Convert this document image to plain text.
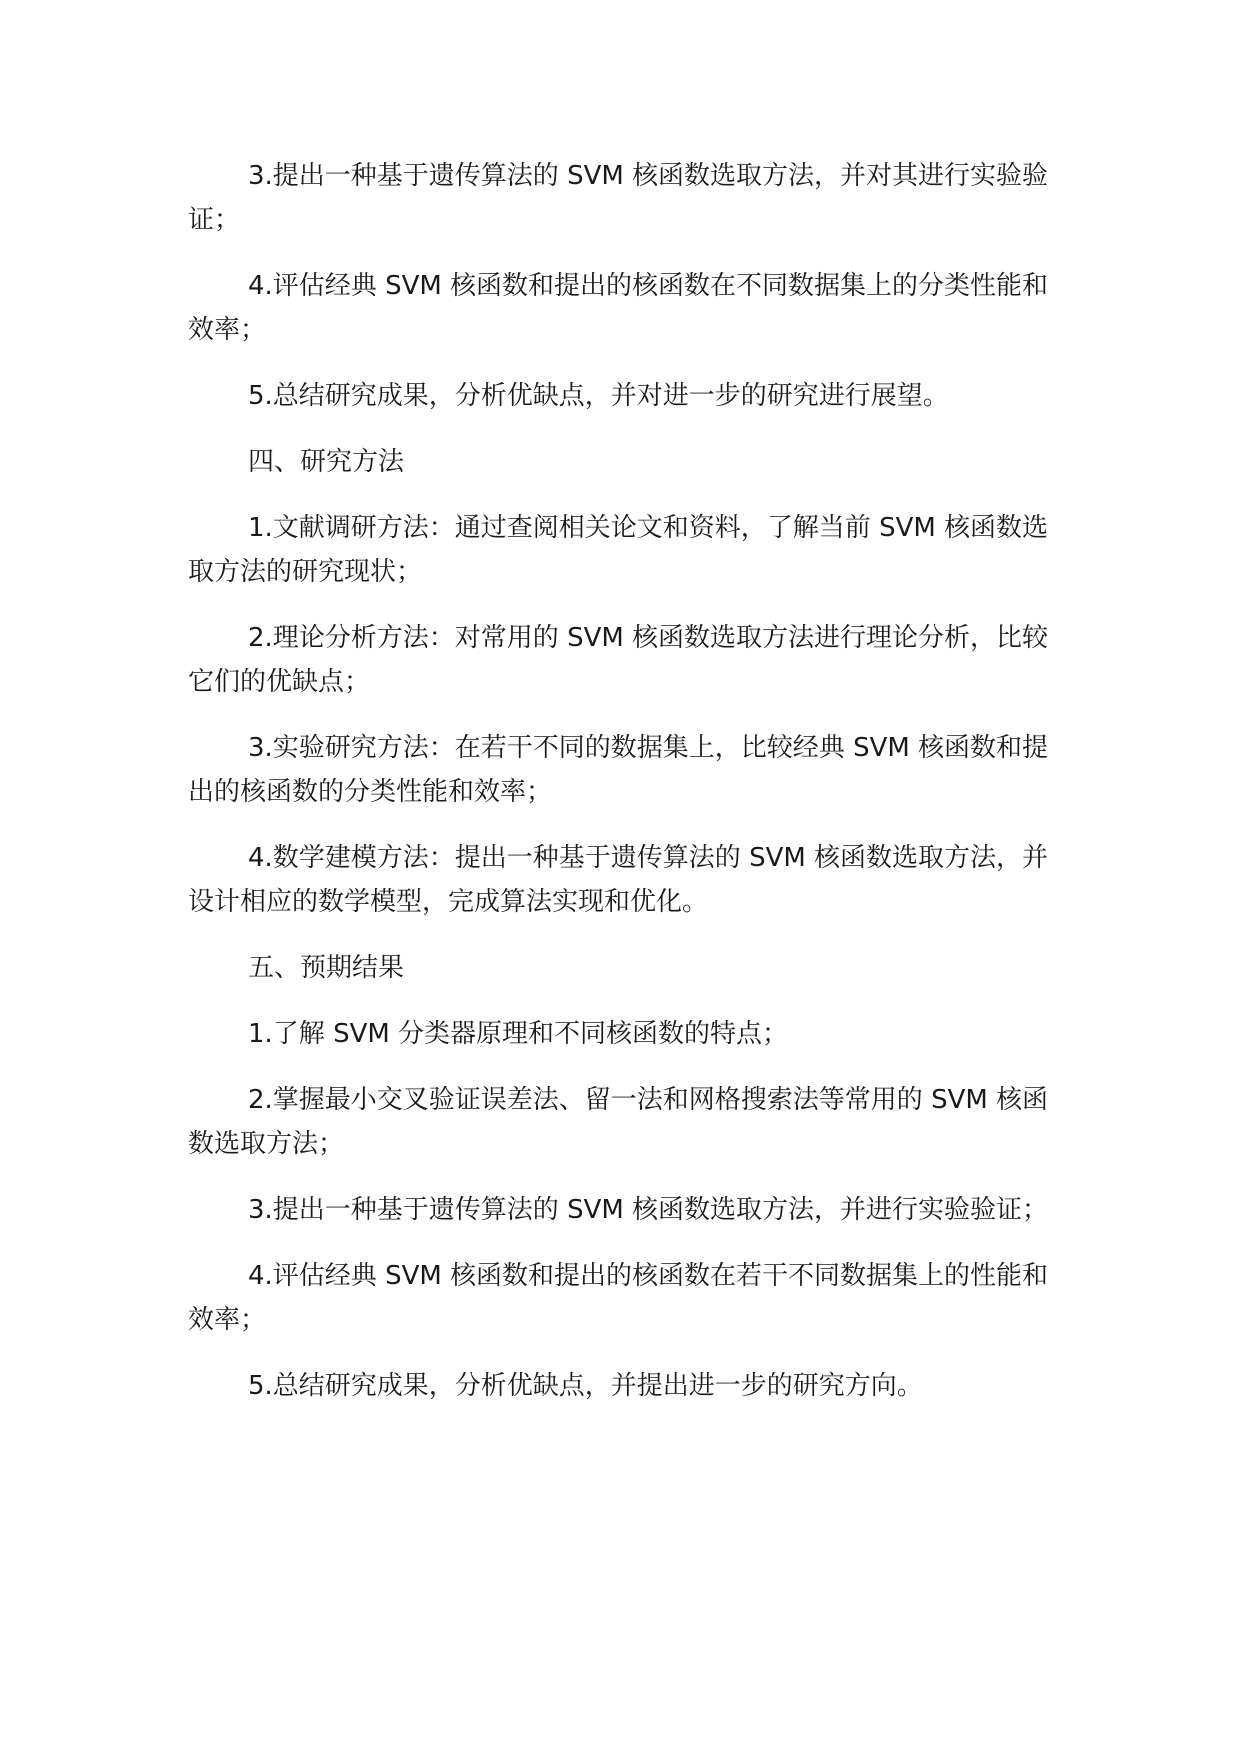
3.提出一种基于遗传算法的 SVM 核函数选取方法，并对其进行实验验证；

4.评估经典 SVM 核函数和提出的核函数在不同数据集上的分类性能和效率；

5.总结研究成果，分析优缺点，并对进一步的研究进行展望。

四、研究方法

1.文献调研方法：通过查阅相关论文和资料，了解当前 SVM 核函数选取方法的研究现状；

2.理论分析方法：对常用的 SVM 核函数选取方法进行理论分析，比较它们的优缺点；

3.实验研究方法：在若干不同的数据集上，比较经典 SVM 核函数和提出的核函数的分类性能和效率；

4.数学建模方法：提出一种基于遗传算法的 SVM 核函数选取方法，并设计相应的数学模型，完成算法实现和优化。

五、预期结果

1.了解 SVM 分类器原理和不同核函数的特点；

2.掌握最小交叉验证误差法、留一法和网格搜索法等常用的 SVM 核函数选取方法；

3.提出一种基于遗传算法的 SVM 核函数选取方法，并进行实验验证；

4.评估经典 SVM 核函数和提出的核函数在若干不同数据集上的性能和效率；

5.总结研究成果，分析优缺点，并提出进一步的研究方向。
